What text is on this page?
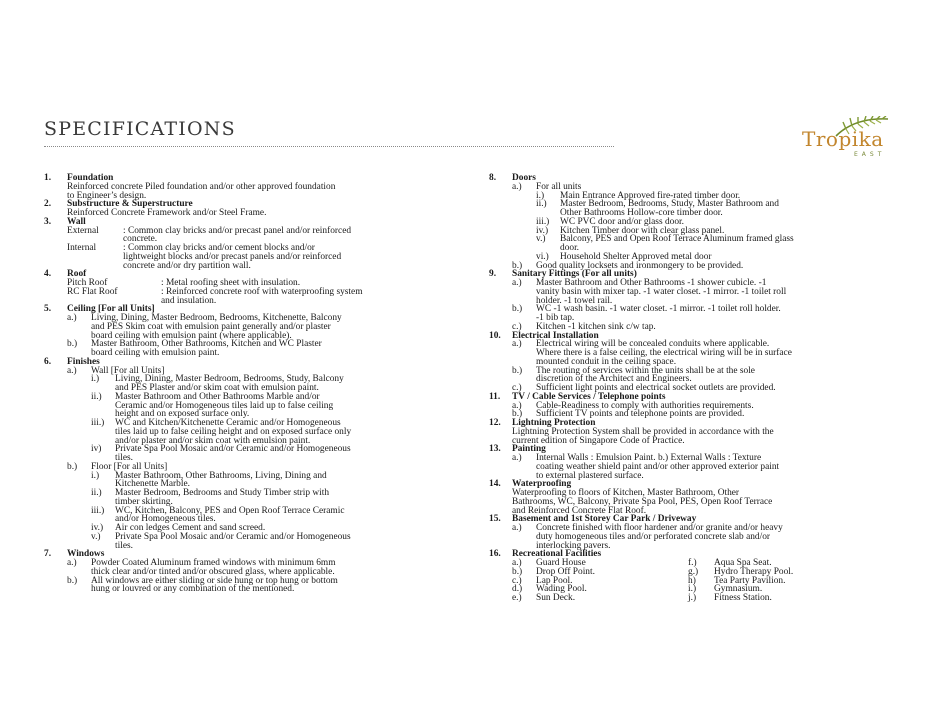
SPECIFICATIONS	Tropika
EAST
1. Foundation
Reinforced concrete Piled foundation and/or other approved foundation
to Engineer’s design.
2. Substructure & Superstructure
Reinforced Concrete Framework and/or Steel Frame.
3. Wall
External	: Common clay bricks and/or precast panel and/or reinforced
concrete.
Internal	: Common clay bricks and/or cement blocks and/or
lightweight blocks and/or precast panels and/or reinforced
concrete and/or dry partition wall.
4. Roof
Pitch Roof	: Metal roofing sheet with insulation.
RC Flat Roof	: Reinforced concrete roof with waterproofing system
and insulation.
5. Ceiling [For all Units]
a.) Living, Dining, Master Bedroom, Bedrooms, Kitchenette, Balcony
and PES Skim coat with emulsion paint generally and/or plaster
board ceiling with emulsion paint (where applicable).
b.) Master Bathroom, Other Bathrooms, Kitchen and WC Plaster
board ceiling with emulsion paint.
6. Finishes
a.) Wall [For all Units]
i.) Living, Dining, Master Bedroom, Bedrooms, Study, Balcony
and PES Plaster and/or skim coat with emulsion paint.
ii.) Master Bathroom and Other Bathrooms Marble and/or
Ceramic and/or Homogeneous tiles laid up to false ceiling
height and on exposed surface only.
iii.) WC and Kitchen/Kitchenette Ceramic and/or Homogeneous
tiles laid up to false ceiling height and on exposed surface only
and/or plaster and/or skim coat with emulsion paint.
iv) Private Spa Pool Mosaic and/or Ceramic and/or Homogeneous
tiles.
b.) Floor [For all Units]
i.) Master Bathroom, Other Bathrooms, Living, Dining and
Kitchenette Marble.
ii.) Master Bedroom, Bedrooms and Study Timber strip with
timber skirting.
iii.) WC, Kitchen, Balcony, PES and Open Roof Terrace Ceramic
and/or Homogeneous tiles.
iv.) Air con ledges Cement and sand screed.
v.) Private Spa Pool Mosaic and/or Ceramic and/or Homogeneous
tiles.
7. Windows
a.) Powder Coated Aluminum framed windows with minimum 6mm
thick clear and/or tinted and/or obscured glass, where applicable.
b.) All windows are either sliding or side hung or top hung or bottom
hung or louvred or any combination of the mentioned.
8. Doors
a.) For all units
i.) Main Entrance Approved fire-rated timber door.
ii.) Master Bedroom, Bedrooms, Study, Master Bathroom and
Other Bathrooms Hollow-core timber door.
iii.) WC PVC door and/or glass door.
iv.) Kitchen Timber door with clear glass panel.
v.) Balcony, PES and Open Roof Terrace Aluminum framed glass
door.
vi.) Household Shelter Approved metal door
b.) Good quality locksets and ironmongery to be provided.
9. Sanitary Fittings (For all units)
a.) Master Bathroom and Other Bathrooms -1 shower cubicle. -1
vanity basin with mixer tap. -1 water closet. -1 mirror. -1 toilet roll
holder. -1 towel rail.
b.) WC -1 wash basin. -1 water closet. -1 mirror. -1 toilet roll holder.
-1 bib tap.
c.) Kitchen -1 kitchen sink c/w tap.
10. Electrical Installation
a.) Electrical wiring will be concealed conduits where applicable.
Where there is a false ceiling, the electrical wiring will be in surface
mounted conduit in the ceiling space.
b.) The routing of services within the units shall be at the sole
discretion of the Architect and Engineers.
c.) Sufficient light points and electrical socket outlets are provided.
11. TV / Cable Services / Telephone points
a.) Cable-Readiness to comply with authorities requirements.
b.) Sufficient TV points and telephone points are provided.
12. Lightning Protection
Lightning Protection System shall be provided in accordance with the
current edition of Singapore Code of Practice.
13. Painting
a.) Internal Walls : Emulsion Paint. b.) External Walls : Texture
coating weather shield paint and/or other approved exterior paint
to external plastered surface.
14. Waterproofing
Waterproofing to floors of Kitchen, Master Bathroom, Other
Bathrooms, WC, Balcony, Private Spa Pool, PES, Open Roof Terrace
and Reinforced Concrete Flat Roof.
15. Basement and 1st Storey Car Park / Driveway
a.) Concrete finished with floor hardener and/or granite and/or heavy
duty homogeneous tiles and/or perforated concrete slab and/or
interlocking pavers.
16. Recreational Facilities
a.) Guard House	f.) Aqua Spa Seat.
b.) Drop Off Point.	g.) Hydro Therapy Pool.
c.) Lap Pool.	h) Tea Party Pavilion.
d.) Wading Pool.	i.) Gymnasium.
e.) Sun Deck.	j.) Fitness Station.
